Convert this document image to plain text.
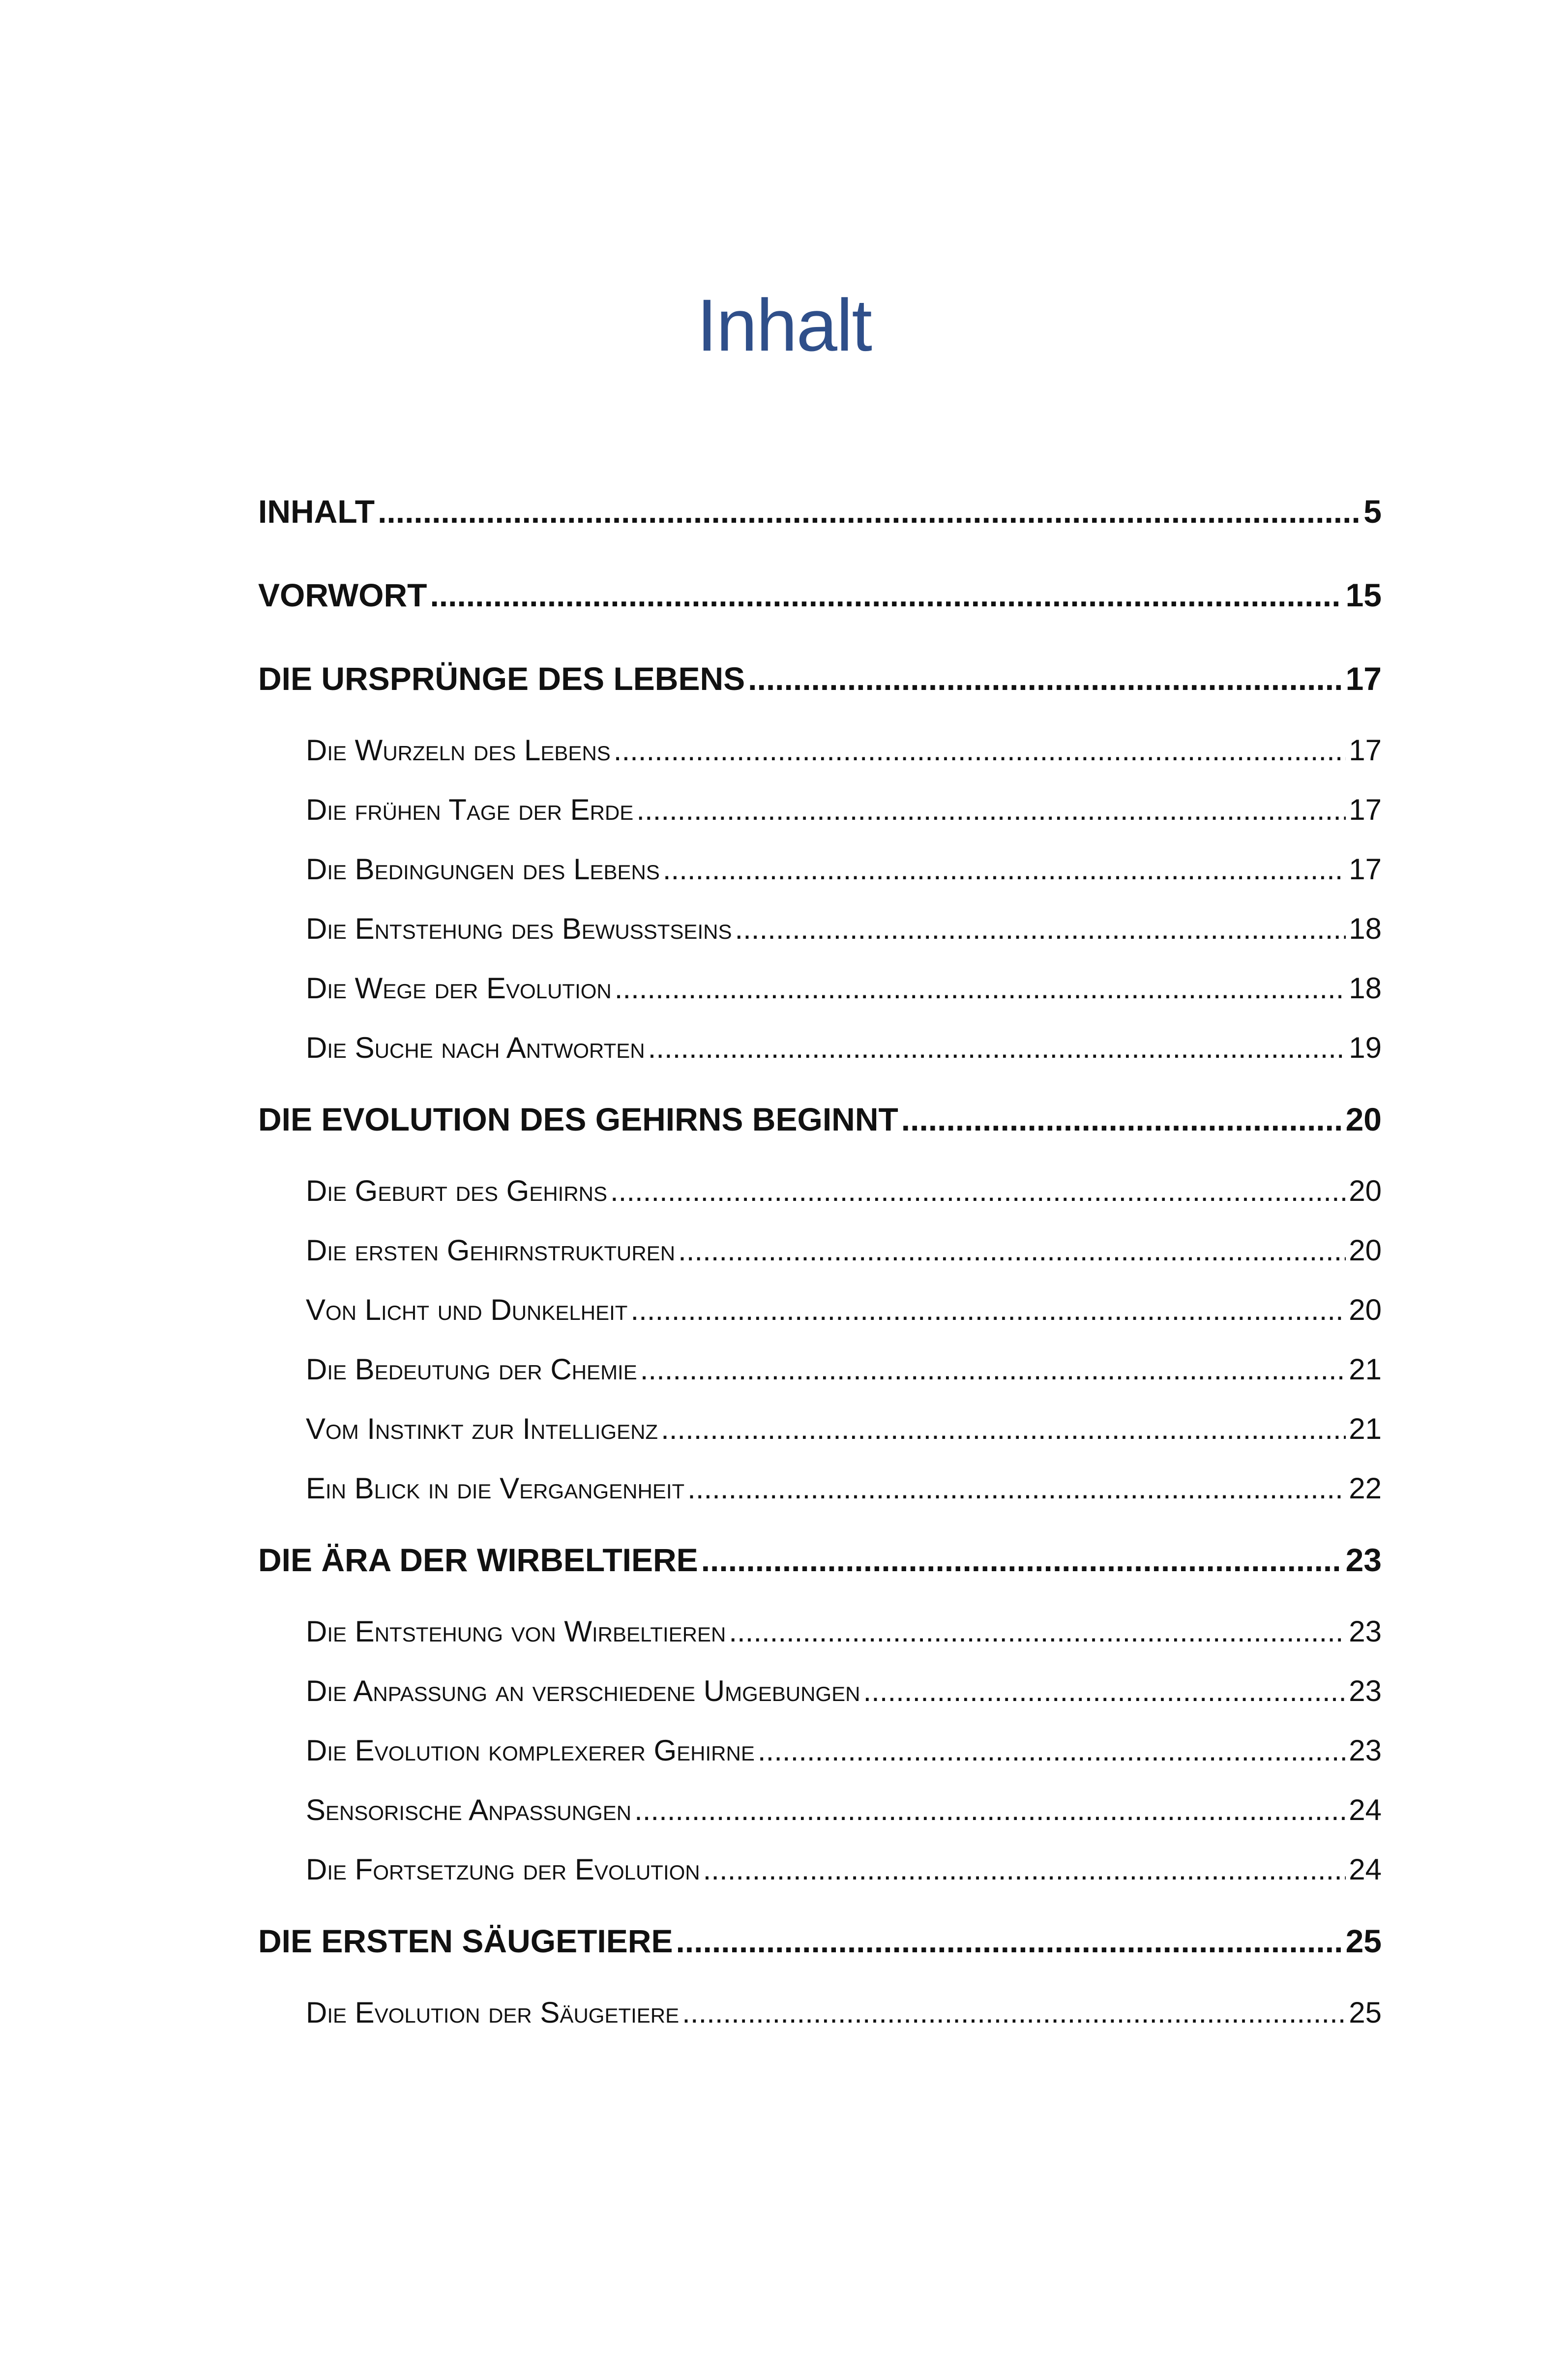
Inhalt
INHALT .....	5
VORWORT .....	15
DIE URSPRÜNGE DES LEBENS .....	17
Die Wurzeln des Lebens .....	17
Die frühen Tage der Erde .....	17
Die Bedingungen des Lebens .....	17
Die Entstehung des Bewusstseins .....	18
Die Wege der Evolution .....	18
Die Suche nach Antworten .....	19
DIE EVOLUTION DES GEHIRNS BEGINNT .....	20
Die Geburt des Gehirns .....	20
Die ersten Gehirnstrukturen .....	20
Von Licht und Dunkelheit .....	20
Die Bedeutung der Chemie .....	21
Vom Instinkt zur Intelligenz .....	21
Ein Blick in die Vergangenheit .....	22
DIE ÄRA DER WIRBELTIERE .....	23
Die Entstehung von Wirbeltieren .....	23
Die Anpassung an verschiedene Umgebungen .....	23
Die Evolution komplexerer Gehirne .....	23
Sensorische Anpassungen .....	24
Die Fortsetzung der Evolution .....	24
DIE ERSTEN SÄUGETIERE .....	25
Die Evolution der Säugetiere .....	25
